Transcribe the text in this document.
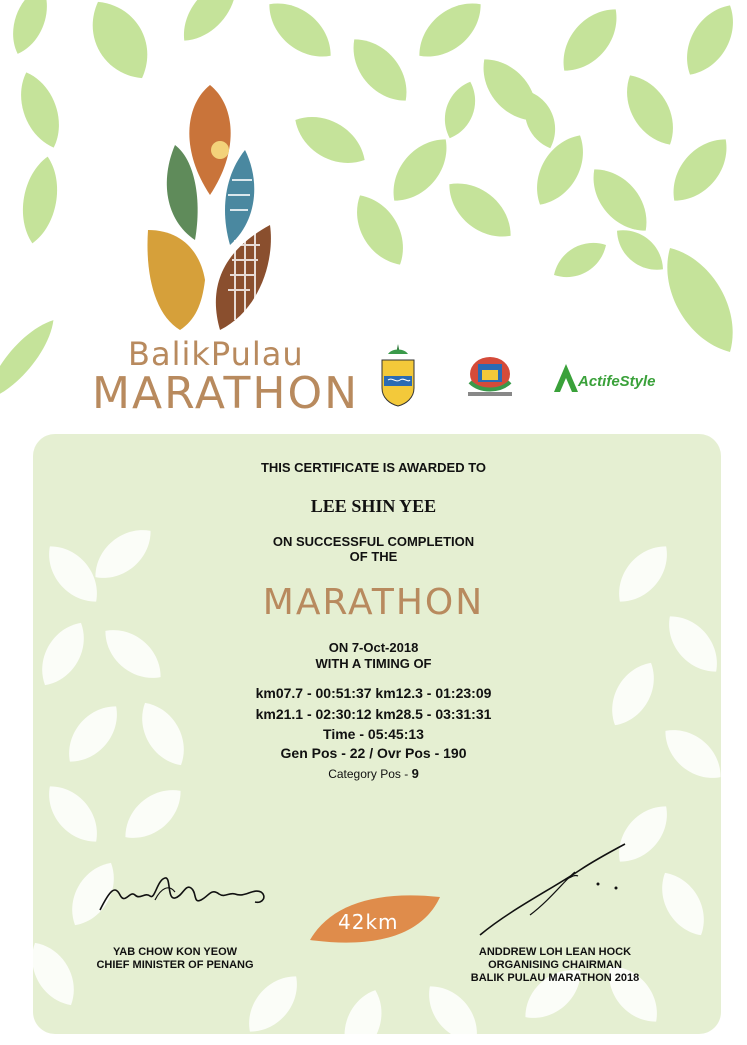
BalikPulau
MARATHON	ActifeStyle
THIS CERTIFICATE IS AWARDED TO
LEE SHIN YEE
ON SUCCESSFUL COMPLETION
OF THE
MARATHON
ON 7-Oct-2018
WITH A TIMING OF
km07.7 - 00:51:37 km12.3 - 01:23:09
km21.1 - 02:30:12 km28.5 - 03:31:31
Time - 05:45:13
Gen Pos - 22 / Ovr Pos - 190
Category Pos - 9
YAB CHOW KON YEOW
CHIEF MINISTER OF PENANG
42km
ANDDREW LOH LEAN HOCK
ORGANISING CHAIRMAN
BALIK PULAU MARATHON 2018
